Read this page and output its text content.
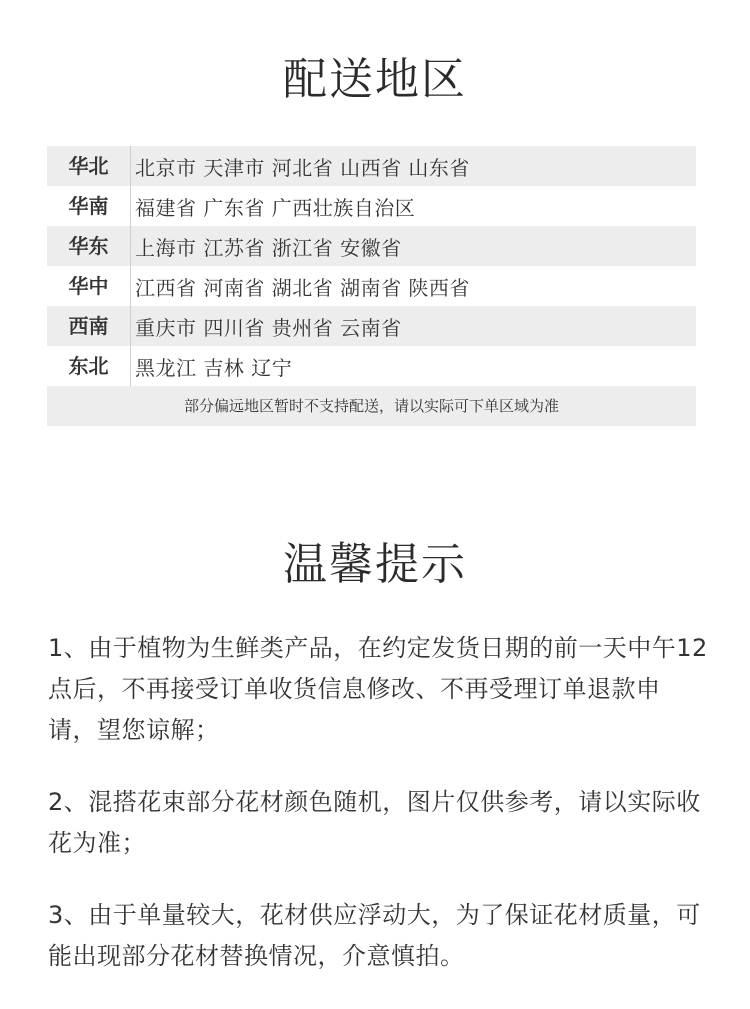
配送地区
华北	北京市 天津市 河北省 山西省 山东省
华南	福建省 广东省 广西壮族自治区
华东	上海市 江苏省 浙江省 安徽省
华中	江西省 河南省 湖北省 湖南省 陕西省
西南	重庆市 四川省 贵州省 云南省
东北	黑龙江 吉林 辽宁
部分偏远地区暂时不支持配送，请以实际可下单区域为准
温馨提示

1、由于植物为生鲜类产品，在约定发货日期的前一天中午12 点后，不再接受订单收货信息修改、不再受理订单退款申请，望您谅解；

2、混搭花束部分花材颜色随机，图片仅供参考，请以实际收花为准；

3、由于单量较大，花材供应浮动大，为了保证花材质量，可能出现部分花材替换情况，介意慎拍。
